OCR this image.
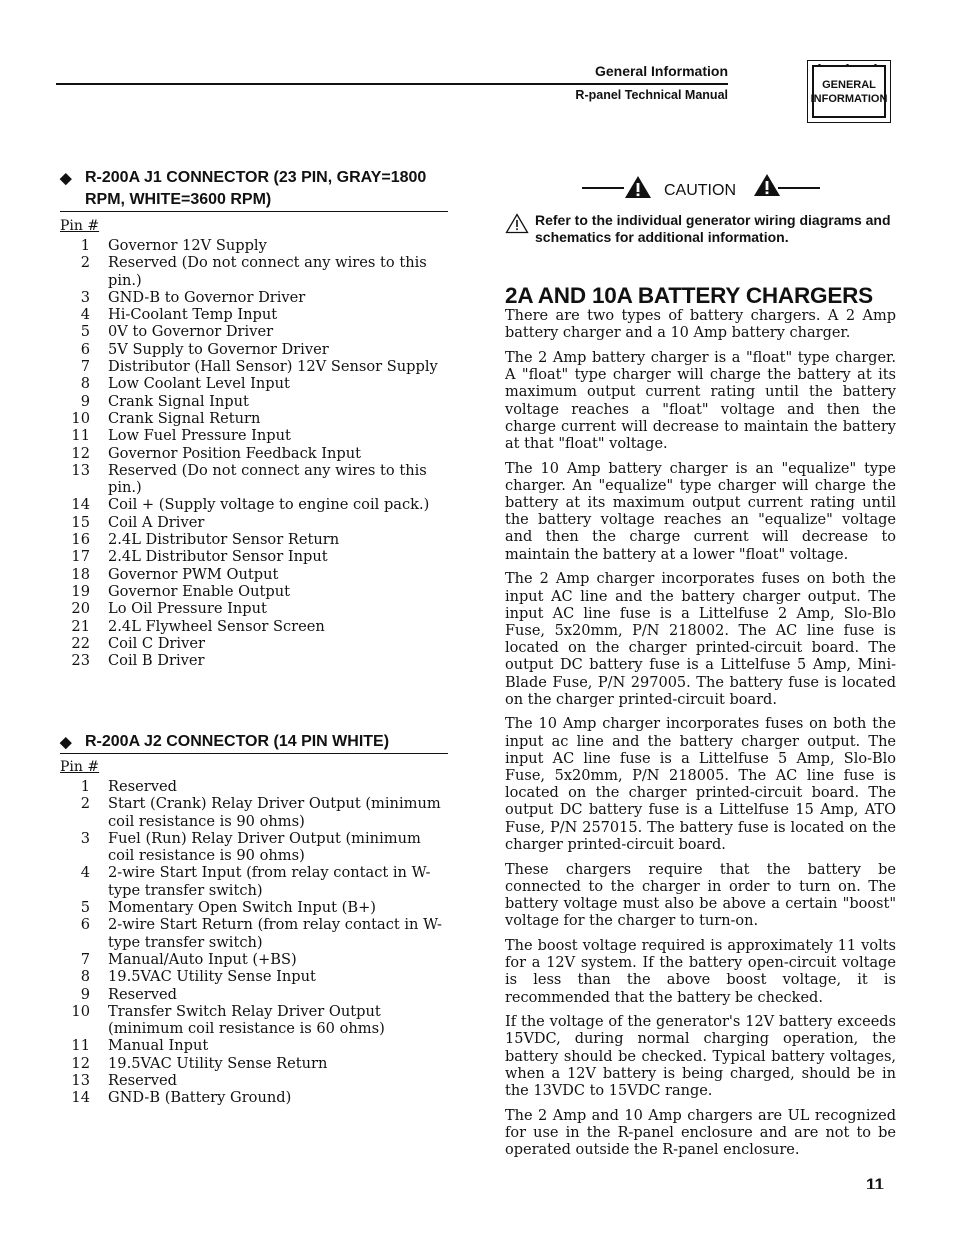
General Information
R-panel Technical Manual
GENERAL
INFORMATION
◆ R-200A J1 CONNECTOR (23 PIN, GRAY=1800
RPM, WHITE=3600 RPM)
Pin #
1 Governor 12V Supply
2 Reserved (Do not connect any wires to this pin.)
3 GND-B to Governor Driver
4 Hi-Coolant Temp Input
5 0V to Governor Driver
6 5V Supply to Governor Driver
7 Distributor (Hall Sensor) 12V Sensor Supply
8 Low Coolant Level Input
9 Crank Signal Input
10 Crank Signal Return
11 Low Fuel Pressure Input
12 Governor Position Feedback Input
13 Reserved (Do not connect any wires to this pin.)
14 Coil + (Supply voltage to engine coil pack.)
15 Coil A Driver
16 2.4L Distributor Sensor Return
17 2.4L Distributor Sensor Input
18 Governor PWM Output
19 Governor Enable Output
20 Lo Oil Pressure Input
21 2.4L Flywheel Sensor Screen
22 Coil C Driver
23 Coil B Driver
◆ R-200A J2 CONNECTOR (14 PIN WHITE)
Pin #
1 Reserved
2 Start (Crank) Relay Driver Output (minimum coil resistance is 90 ohms)
3 Fuel (Run) Relay Driver Output (minimum coil resistance is 90 ohms)
4 2-wire Start Input (from relay contact in W-type transfer switch)
5 Momentary Open Switch Input (B+)
6 2-wire Start Return (from relay contact in W-type transfer switch)
7 Manual/Auto Input (+BS)
8 19.5VAC Utility Sense Input
9 Reserved
10 Transfer Switch Relay Driver Output (minimum coil resistance is 60 ohms)
11 Manual Input
12 19.5VAC Utility Sense Return
13 Reserved
14 GND-B (Battery Ground)
CAUTION
Refer to the individual generator wiring diagrams and schematics for additional information.
2A AND 10A BATTERY CHARGERS

There are two types of battery chargers. A 2 Amp battery charger and a 10 Amp battery charger.

The 2 Amp battery charger is a "float" type charger. A "float" type charger will charge the battery at its maximum output current rating until the battery voltage reaches a "float" voltage and then the charge current will decrease to maintain the battery at that "float" voltage.

The 10 Amp battery charger is an "equalize" type charger. An "equalize" type charger will charge the battery at its maximum output current rating until the battery voltage reaches an "equalize" voltage and then the charge current will decrease to maintain the battery at a lower "float" voltage.

The 2 Amp charger incorporates fuses on both the input AC line and the battery charger output. The input AC line fuse is a Littelfuse 2 Amp, Slo-Blo Fuse, 5x20mm, P/N 218002. The AC line fuse is located on the charger printed-circuit board. The output DC battery fuse is a Littelfuse 5 Amp, Mini-Blade Fuse, P/N 297005. The battery fuse is located on the charger printed-circuit board.

The 10 Amp charger incorporates fuses on both the input ac line and the battery charger output. The input AC line fuse is a Littelfuse 5 Amp, Slo-Blo Fuse, 5x20mm, P/N 218005. The AC line fuse is located on the charger printed-circuit board. The output DC battery fuse is a Littelfuse 15 Amp, ATO Fuse, P/N 257015. The battery fuse is located on the charger printed-circuit board.

These chargers require that the battery be connected to the charger in order to turn on. The battery voltage must also be above a certain "boost" voltage for the charger to turn-on.

The boost voltage required is approximately 11 volts for a 12V system. If the battery open-circuit voltage is less than the above boost voltage, it is recommended that the battery be checked.

If the voltage of the generator's 12V battery exceeds 15VDC, during normal charging operation, the battery should be checked. Typical battery voltages, when a 12V battery is being charged, should be in the 13VDC to 15VDC range.

The 2 Amp and 10 Amp chargers are UL recognized for use in the R-panel enclosure and are not to be operated outside the R-panel enclosure.

11
